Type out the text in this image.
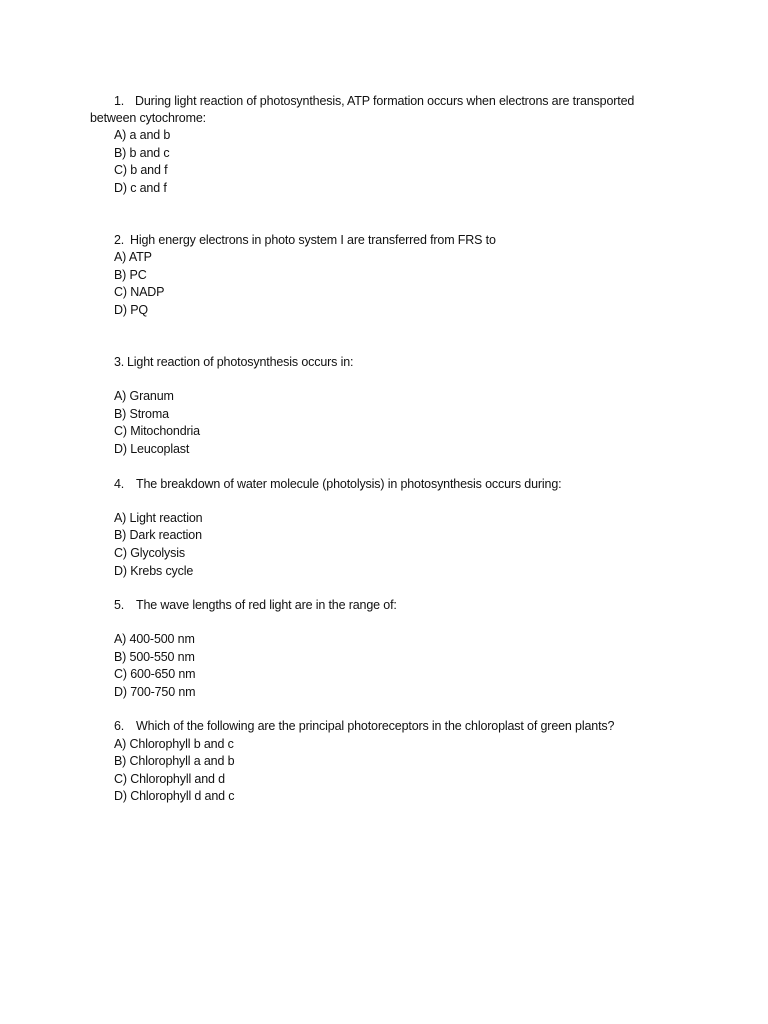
1. During light reaction of photosynthesis, ATP formation occurs when electrons are transported
between cytochrome:
A) a and b
B) b and c
C) b and f
D) c and f
2. High energy electrons in photo system I are transferred from FRS to
A) ATP
B) PC
C) NADP
D) PQ
3. Light reaction of photosynthesis occurs in:
A) Granum
B) Stroma
C) Mitochondria
D) Leucoplast
4. The breakdown of water molecule (photolysis) in photosynthesis occurs during:
A) Light reaction
B) Dark reaction
C) Glycolysis
D) Krebs cycle
5. The wave lengths of red light are in the range of:
A) 400-500 nm
B) 500-550 nm
C) 600-650 nm
D) 700-750 nm
6. Which of the following are the principal photoreceptors in the chloroplast of green plants?
A) Chlorophyll b and c
B) Chlorophyll a and b
C) Chlorophyll and d
D) Chlorophyll d and c
